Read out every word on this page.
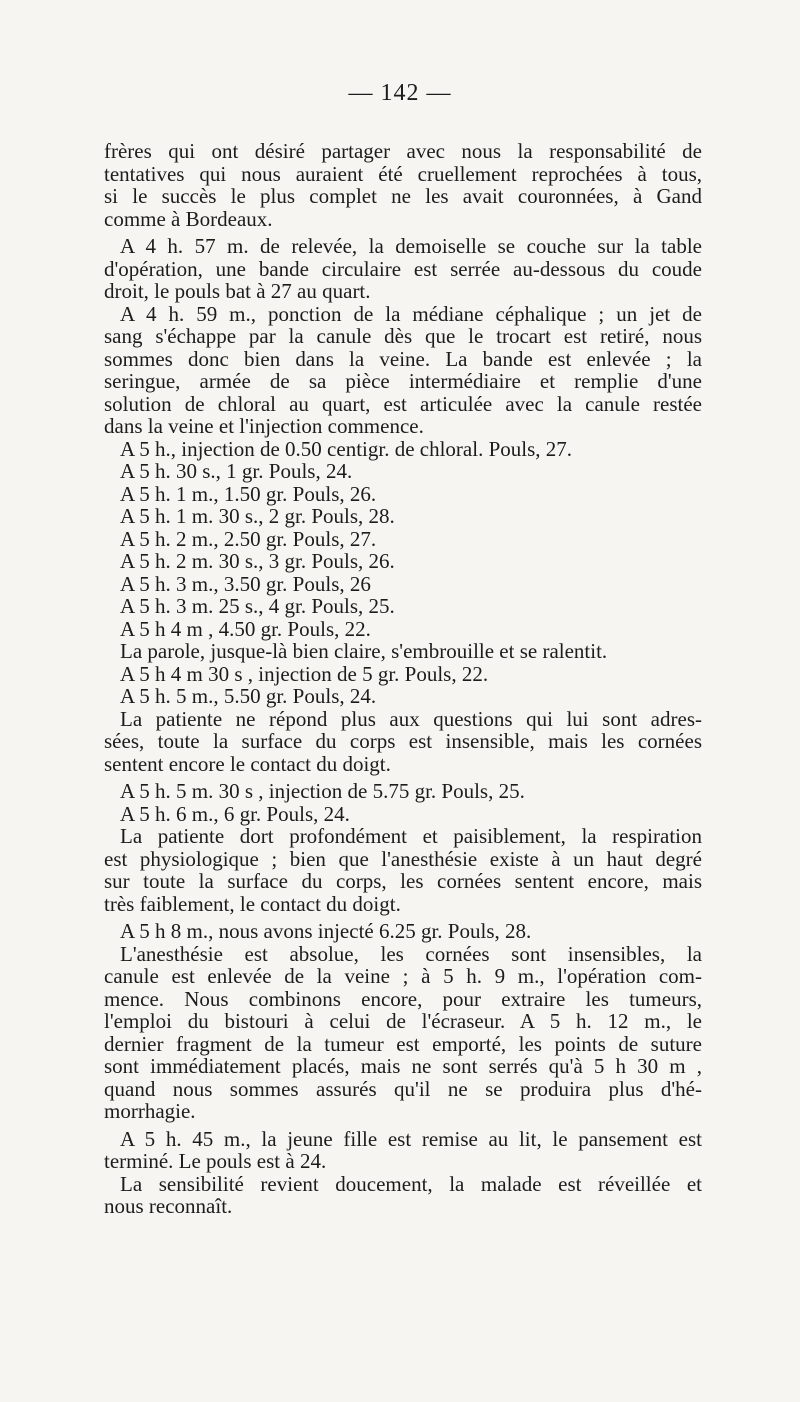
— 142 —
frères qui ont désiré partager avec nous la responsabilité de
tentatives qui nous auraient été cruellement reprochées à tous,
si le succès le plus complet ne les avait couronnées, à Gand
comme à Bordeaux.
A 4 h. 57 m. de relevée, la demoiselle se couche sur la table
d'opération, une bande circulaire est serrée au-dessous du coude
droit, le pouls bat à 27 au quart.
A 4 h. 59 m., ponction de la médiane céphalique ; un jet de
sang s'échappe par la canule dès que le trocart est retiré, nous
sommes donc bien dans la veine. La bande est enlevée ; la
seringue, armée de sa pièce intermédiaire et remplie d'une
solution de chloral au quart, est articulée avec la canule restée
dans la veine et l'injection commence.
A 5 h., injection de 0.50 centigr. de chloral. Pouls, 27.
A 5 h. 30 s., 1 gr. Pouls, 24.
A 5 h. 1 m., 1.50 gr. Pouls, 26.
A 5 h. 1 m. 30 s., 2 gr. Pouls, 28.
A 5 h. 2 m., 2.50 gr. Pouls, 27.
A 5 h. 2 m. 30 s., 3 gr. Pouls, 26.
A 5 h. 3 m., 3.50 gr. Pouls, 26
A 5 h. 3 m. 25 s., 4 gr. Pouls, 25.
A 5 h 4 m , 4.50 gr. Pouls, 22.
La parole, jusque-là bien claire, s'embrouille et se ralentit.
A 5 h 4 m 30 s , injection de 5 gr. Pouls, 22.
A 5 h. 5 m., 5.50 gr. Pouls, 24.
La patiente ne répond plus aux questions qui lui sont adres-
sées, toute la surface du corps est insensible, mais les cornées
sentent encore le contact du doigt.
A 5 h. 5 m. 30 s , injection de 5.75 gr. Pouls, 25.
A 5 h. 6 m., 6 gr. Pouls, 24.
La patiente dort profondément et paisiblement, la respiration
est physiologique ; bien que l'anesthésie existe à un haut degré
sur toute la surface du corps, les cornées sentent encore, mais
très faiblement, le contact du doigt.
A 5 h 8 m., nous avons injecté 6.25 gr. Pouls, 28.
L'anesthésie est absolue, les cornées sont insensibles, la
canule est enlevée de la veine ; à 5 h. 9 m., l'opération com-
mence. Nous combinons encore, pour extraire les tumeurs,
l'emploi du bistouri à celui de l'écraseur. A 5 h. 12 m., le
dernier fragment de la tumeur est emporté, les points de suture
sont immédiatement placés, mais ne sont serrés qu'à 5 h 30 m ,
quand nous sommes assurés qu'il ne se produira plus d'hé-
morrhagie.
A 5 h. 45 m., la jeune fille est remise au lit, le pansement est
terminé. Le pouls est à 24.
La sensibilité revient doucement, la malade est réveillée et
nous reconnaît.
